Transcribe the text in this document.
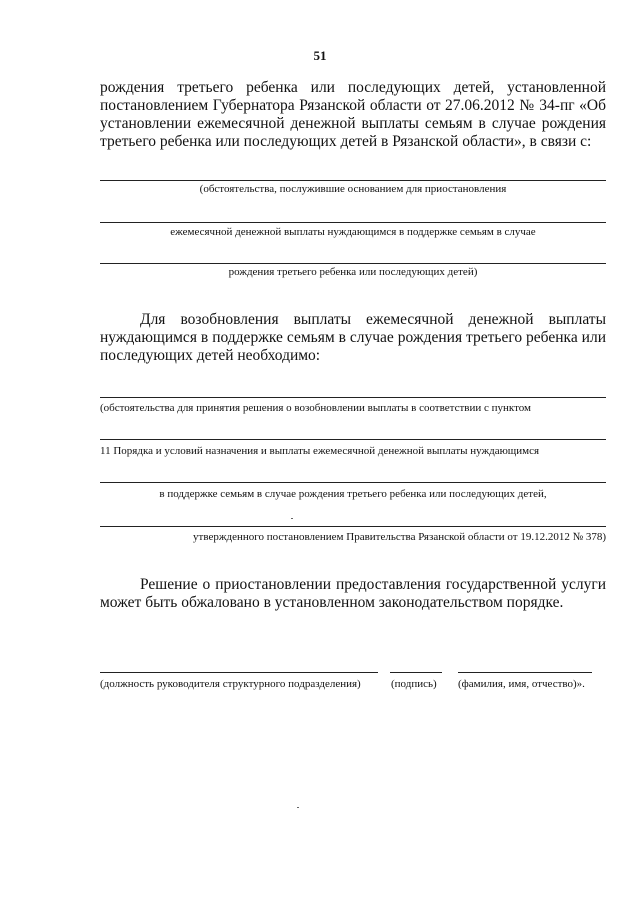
51
рождения третьего ребенка или последующих детей, установленной
постановлением Губернатора Рязанской области от 27.06.2012 № 34-пг «Об
установлении ежемесячной денежной выплаты семьям в случае рождения
третьего ребенка или последующих детей в Рязанской области», в связи с:
(обстоятельства, послужившие основанием для приостановления
ежемесячной денежной выплаты нуждающимся в поддержке семьям в случае
рождения третьего ребенка или последующих детей)
Для возобновления выплаты ежемесячной денежной выплаты
нуждающимся в поддержке семьям в случае рождения третьего ребенка или
последующих детей необходимо:
(обстоятельства для принятия решения о возобновлении выплаты в соответствии с пунктом
11 Порядка и условий назначения и выплаты ежемесячной денежной выплаты нуждающимся
в поддержке семьям в случае рождения третьего ребенка или последующих детей,
утвержденного постановлением Правительства Рязанской области от 19.12.2012 № 378)
Решение о приостановлении предоставления государственной услуги
может быть обжаловано в установленном законодательством порядке.
(должность руководителя структурного подразделения)	(подпись) (фамилия, имя, отчество)».
